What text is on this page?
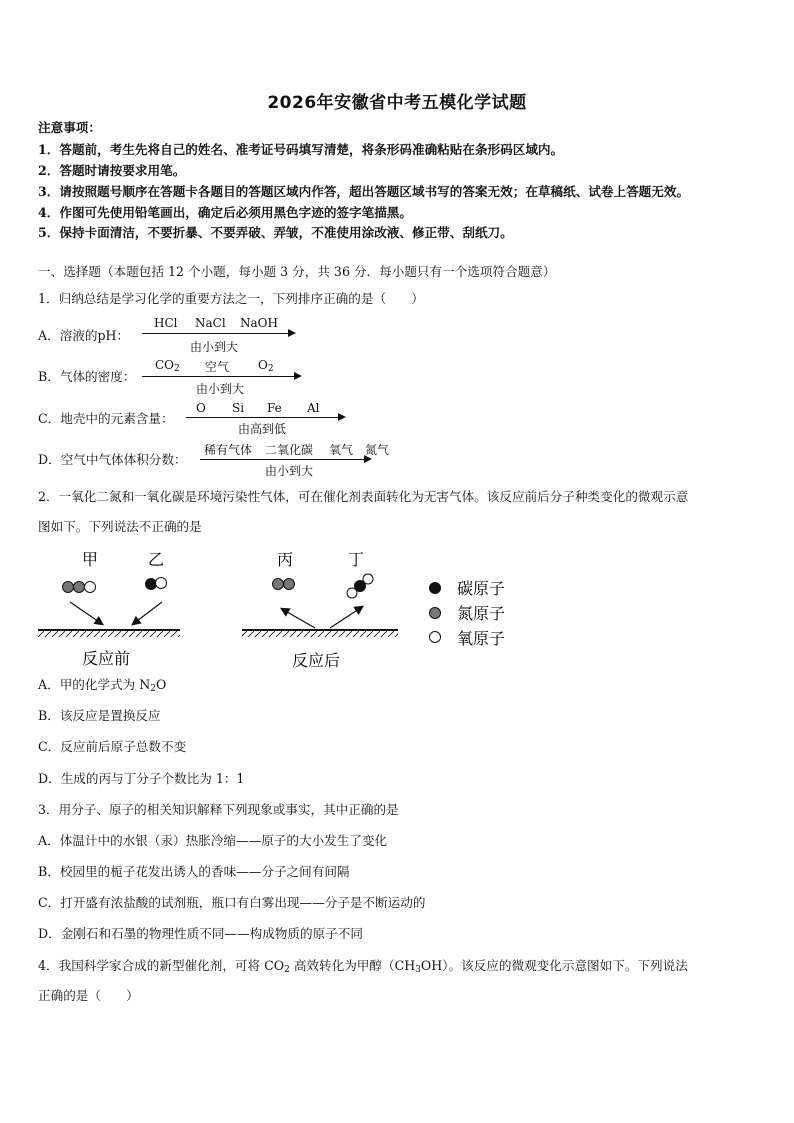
2026年安徽省中考五模化学试题
注意事项：
1．答题前，考生先将自己的姓名、准考证号码填写清楚，将条形码准确粘贴在条形码区域内。
2．答题时请按要求用笔。
3．请按照题号顺序在答题卡各题目的答题区域内作答，超出答题区域书写的答案无效；在草稿纸、试卷上答题无效。
4．作图可先使用铅笔画出，确定后必须用黑色字迹的签字笔描黑。
5．保持卡面清洁，不要折暴、不要弄破、弄皱，不准使用涂改液、修正带、刮纸刀。
一、选择题（本题包括 12 个小题，每小题 3 分，共 36 分．每小题只有一个选项符合题意）
1．归纳总结是学习化学的重要方法之一，下列排序正确的是（　　）
A．溶液的pH：
HCl NaCl NaOH
由小到大
B．气体的密度：
$CO_2$ 空气 $O_2$
由小到大
C．地壳中的元素含量：
O Si Fe Al
由高到低
D．空气中气体体积分数：
稀有气体 二氧化碳 氧气 氮气
由小到大
2．一氧化二氮和一氧化碳是环境污染性气体，可在催化剂表面转化为无害气体。该反应前后分子种类变化的微观示意
图如下。下列说法不正确的是
甲	乙	丙	丁
反应前	反应后
碳原子
氮原子
氧原子
A．甲的化学式为 $N_2O$
B．该反应是置换反应
C．反应前后原子总数不变
D．生成的丙与丁分子个数比为 1：1
3．用分子、原子的相关知识解释下列现象或事实，其中正确的是
A．体温计中的水银（汞）热胀冷缩——原子的大小发生了变化
B．校园里的栀子花发出诱人的香味——分子之间有间隔
C．打开盛有浓盐酸的试剂瓶，瓶口有白雾出现——分子是不断运动的
D．金刚石和石墨的物理性质不同——构成物质的原子不同
4．我国科学家合成的新型催化剂，可将 $CO_2$ 高效转化为甲醇$(CH_3OH)$。该反应的微观变化示意图如下。下列说法
正确的是（　　）
